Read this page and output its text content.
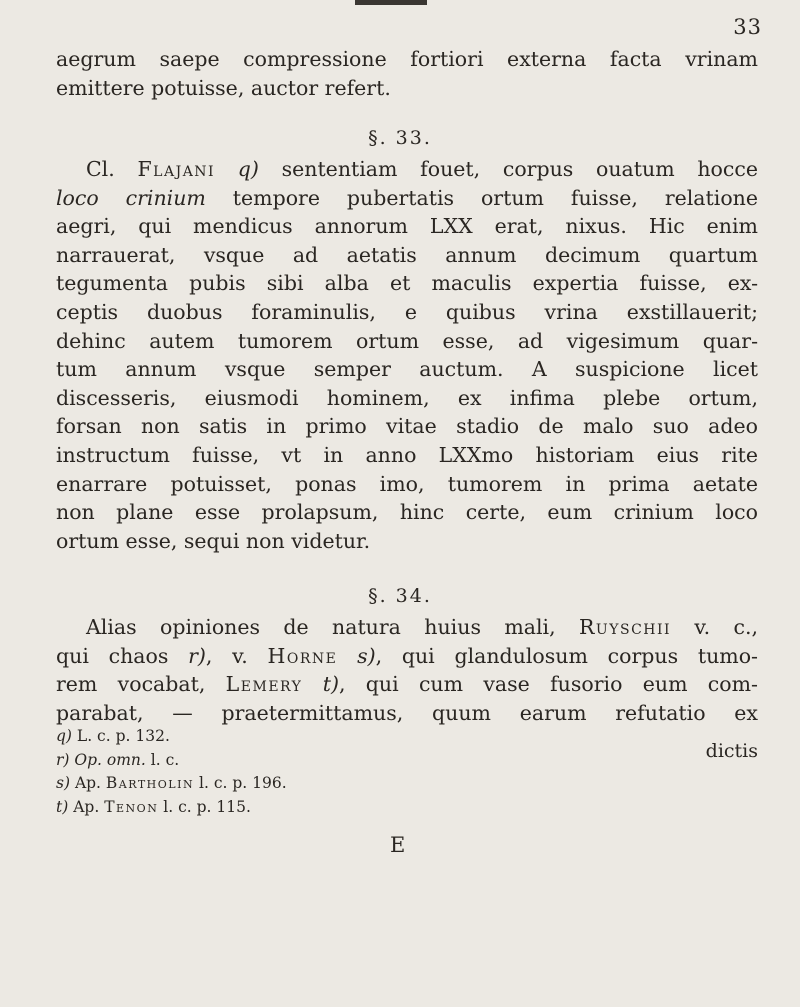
33
aegrum saepe compressione fortiori externa facta vrinam
emittere potuisse, auctor refert.
§. 33.
Cl. Flajani q) sententiam fouet, corpus ouatum hocce
loco crinium tempore pubertatis ortum fuisse, relatione
aegri, qui mendicus annorum LXX erat, nixus. Hic enim
narrauerat, vsque ad aetatis annum decimum quartum
tegumenta pubis sibi alba et maculis expertia fuisse, ex-
ceptis duobus foraminulis, e quibus vrina exstillauerit;
dehinc autem tumorem ortum esse, ad vigesimum quar-
tum annum vsque semper auctum. A suspicione licet
discesseris, eiusmodi hominem, ex infima plebe ortum,
forsan non satis in primo vitae stadio de malo suo adeo
instructum fuisse, vt in anno LXXmo historiam eius rite
enarrare potuisset, ponas imo, tumorem in prima aetate
non plane esse prolapsum, hinc certe, eum crinium loco
ortum esse, sequi non videtur.
§. 34.
Alias opiniones de natura huius mali, Ruyschii v. c.,
qui chaos r), v. Horne s), qui glandulosum corpus tumo-
rem vocabat, Lemery t), qui cum vase fusorio eum com-
parabat, — praetermittamus, quum earum refutatio ex
dictis
q) L. c. p. 132.
r) Op. omn. l. c.
s) Ap. Bartholin l. c. p. 196.
t) Ap. Tenon l. c. p. 115.
E
